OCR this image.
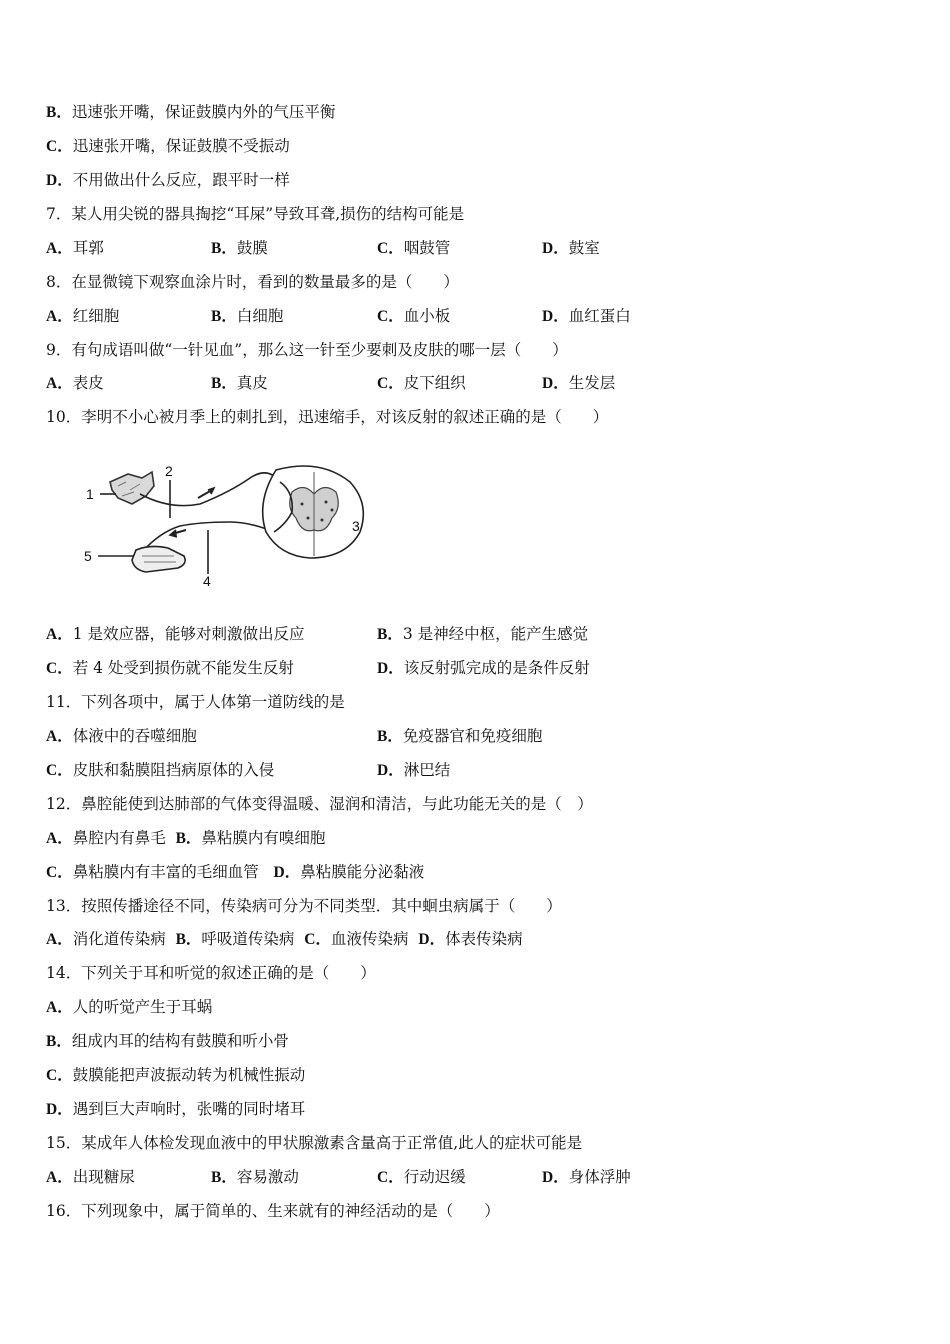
B．迅速张开嘴，保证鼓膜内外的气压平衡
C．迅速张开嘴，保证鼓膜不受振动
D．不用做出什么反应，跟平时一样
7．某人用尖锐的器具掏挖“耳屎”导致耳聋,损伤的结构可能是
A．耳郭	B．鼓膜	C．咽鼓管	D．鼓室
8．在显微镜下观察血涂片时，看到的数量最多的是（　　）
A．红细胞	B．白细胞	C．血小板	D．血红蛋白
9．有句成语叫做“一针见血”，那么这一针至少要刺及皮肤的哪一层（　　）
A．表皮	B．真皮	C．皮下组织	D．生发层
10．李明不小心被月季上的刺扎到，迅速缩手，对该反射的叙述正确的是（　　）
1
2
3
4
5
A．1 是效应器，能够对刺激做出反应	B．3 是神经中枢，能产生感觉
C．若 4 处受到损伤就不能发生反射	D．该反射弧完成的是条件反射
11．下列各项中，属于人体第一道防线的是
A．体液中的吞噬细胞	B．免疫器官和免疫细胞
C．皮肤和黏膜阻挡病原体的入侵	D．淋巴结
12．鼻腔能使到达肺部的气体变得温暖、湿润和清洁，与此功能无关的是（　）
A．鼻腔内有鼻毛 B．鼻粘膜内有嗅细胞
C．鼻粘膜内有丰富的毛细血管 D．鼻粘膜能分泌黏液
13．按照传播途径不同，传染病可分为不同类型．其中蛔虫病属于（　　）
A．消化道传染病 B．呼吸道传染病 C．血液传染病 D．体表传染病
14．下列关于耳和听觉的叙述正确的是（　　）
A．人的听觉产生于耳蜗
B．组成内耳的结构有鼓膜和听小骨
C．鼓膜能把声波振动转为机械性振动
D．遇到巨大声响时，张嘴的同时堵耳
15．某成年人体检发现血液中的甲状腺激素含量高于正常值,此人的症状可能是
A．出现糖尿	B．容易激动	C．行动迟缓	D．身体浮肿
16．下列现象中，属于简单的、生来就有的神经活动的是（　　）
